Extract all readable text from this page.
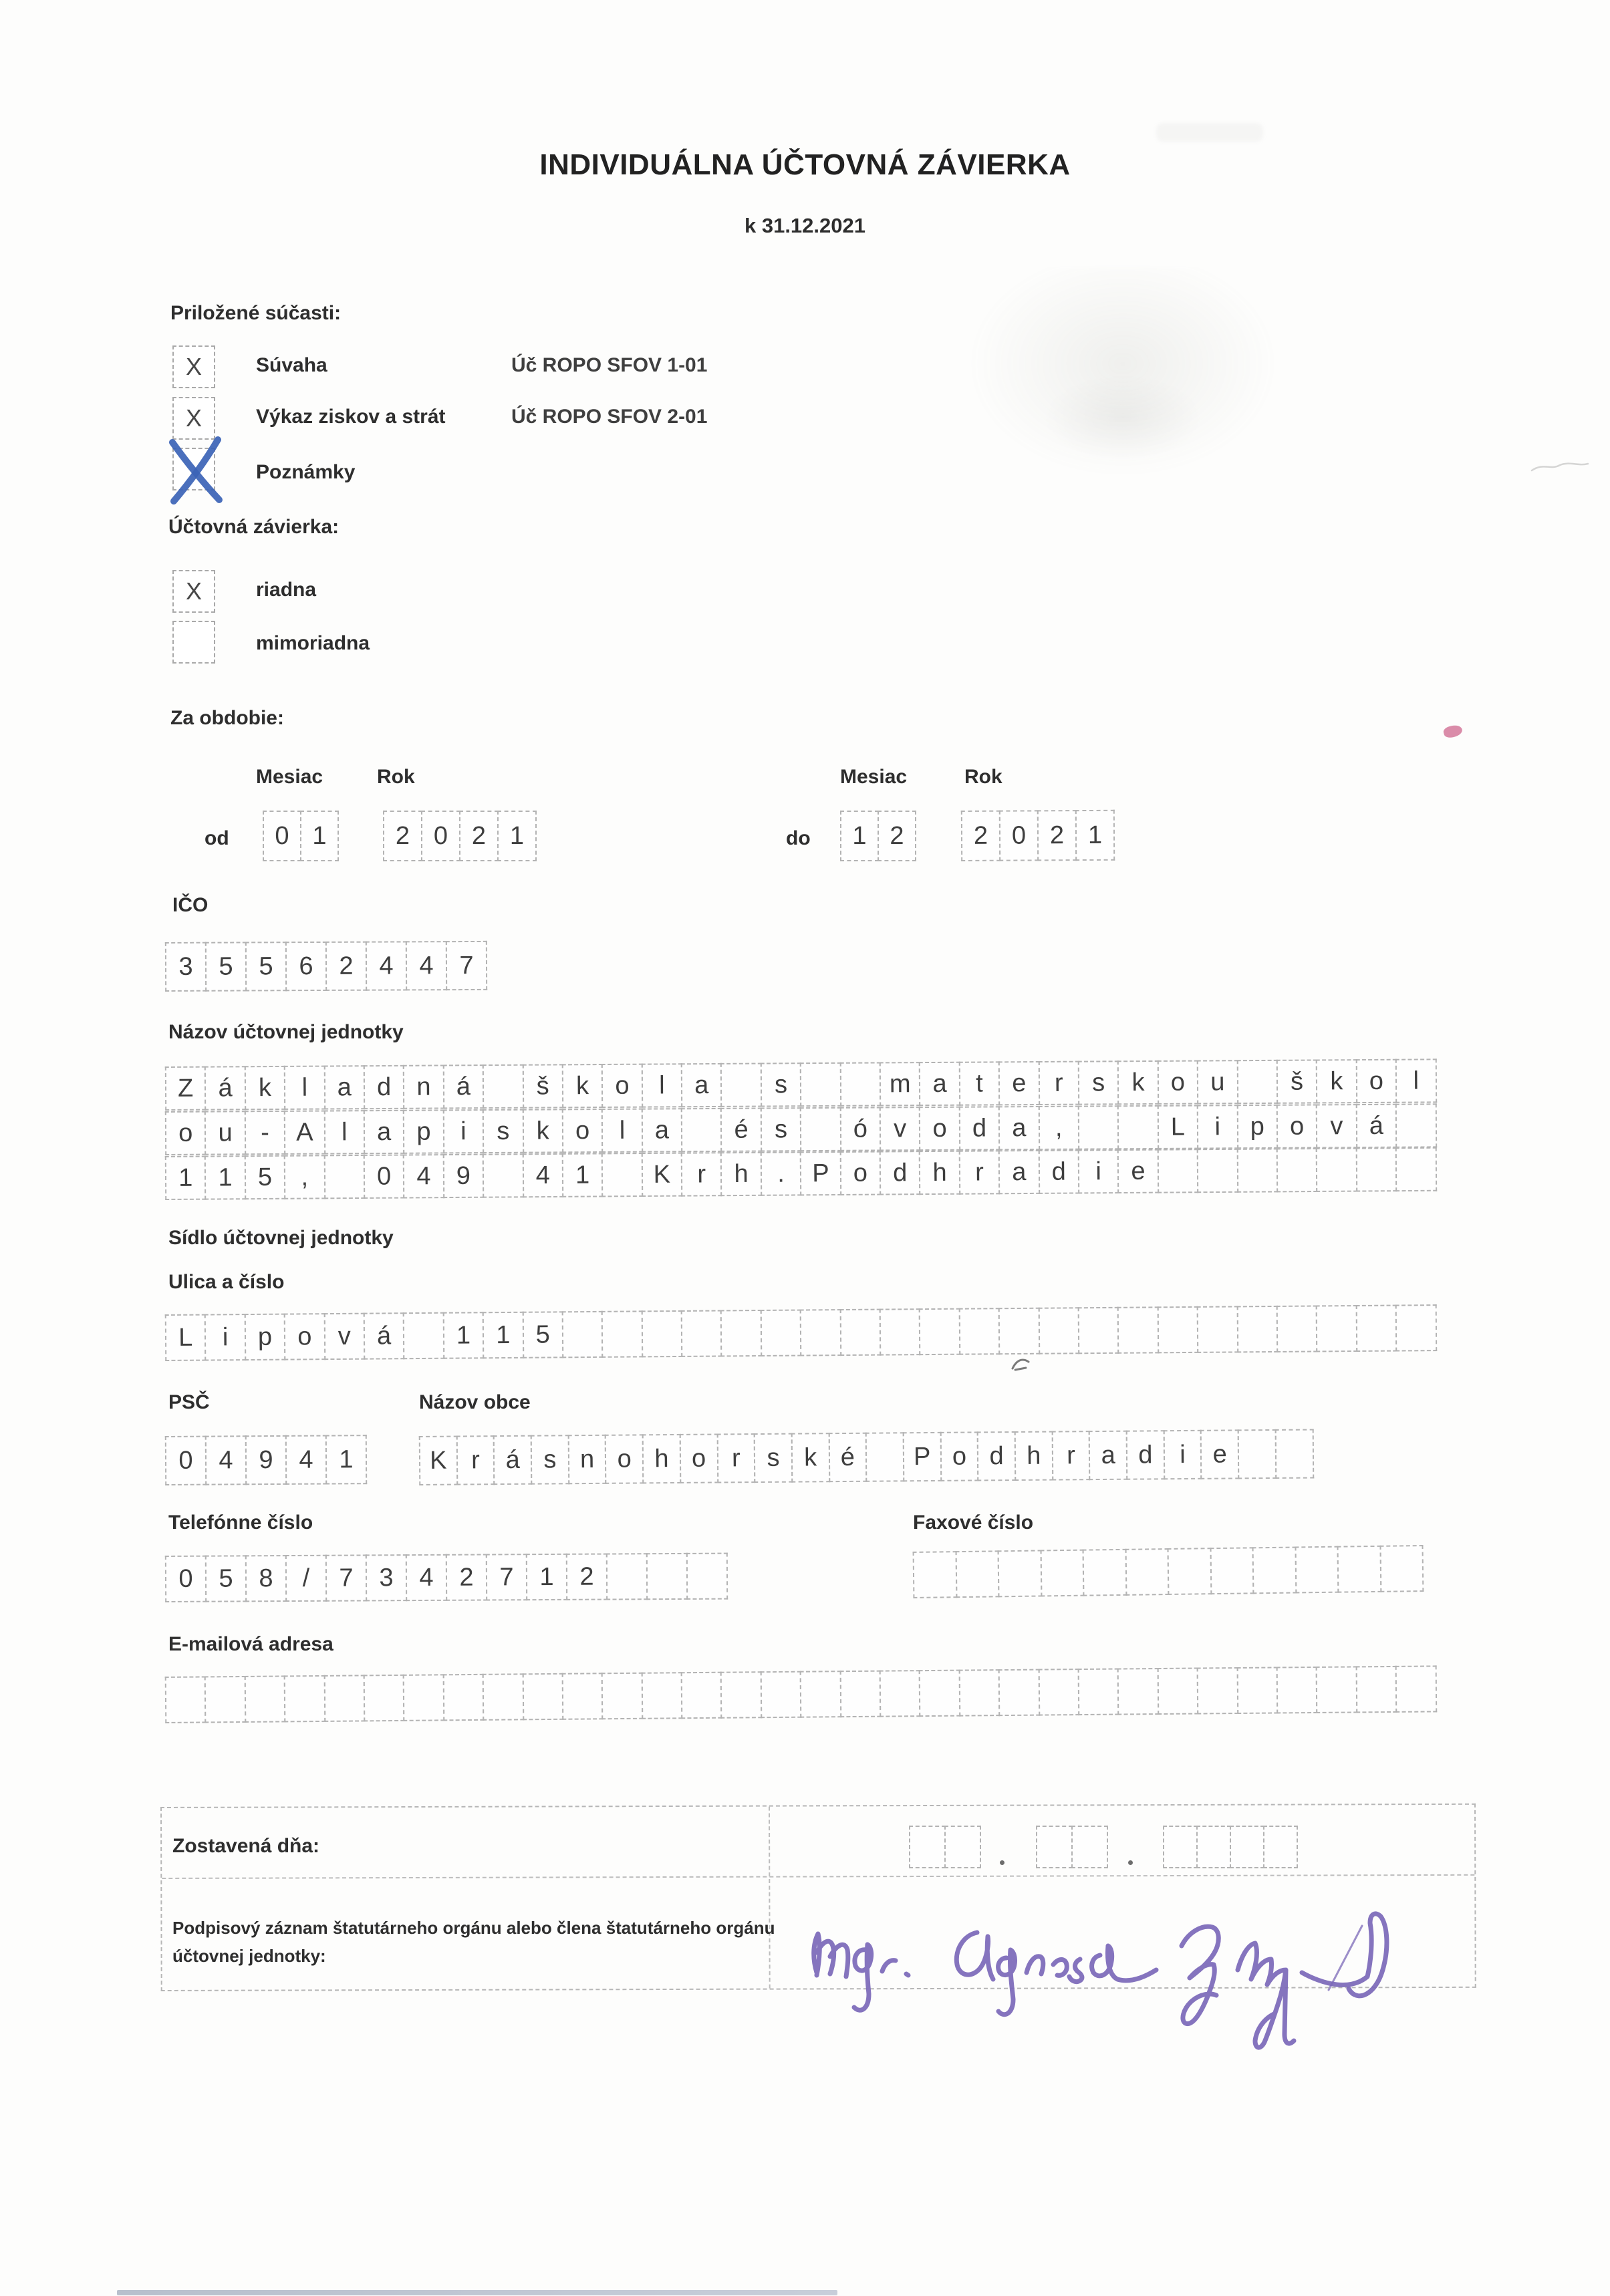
INDIVIDUÁLNA ÚČTOVNÁ ZÁVIERKA
k 31.12.2021
Priložené súčasti:
X	Súvaha	Úč ROPO SFOV 1-01
X	Výkaz ziskov a strát	Úč ROPO SFOV 2-01
Poznámky
Účtovná závierka:
X	riadna
mimoriadna
Za obdobie:
Mesiac	Rok
od	0 1	2 0 2 1
Mesiac	Rok
do	1 2	2 0 2 1
IČO
3	5	5	6	2	4	4	7
Názov účtovnej jednotky
Z á	k	l	a d n á	š	k	o	l	a	s	m a	t	e	r	s	k	o u	š	k	o	l
o u	-	A	l	a p	i	s	k	o	l	a	é	s	ó	v	o d a	,	L	i	p o	v	á
1 1 5	,	0 4 9	4 1	K	r	h	.	P o d h	r	a d	i	e
Sídlo účtovnej jednotky
Ulica a číslo
L	i	p o	v	á	1 1 5
PSČ	Názov obce
0	4	9	4	1	K r	á s n o h o	r	s k é	P o d h	r	a d	i	e
Telefónne číslo	Faxové číslo
0	5	8	/	7	3	4	2	7	1	2
E-mailová adresa
Zostavená dňa:
Podpisový záznam štatutárneho orgánu alebo člena štatutárneho orgánu účtovnej jednotky:
